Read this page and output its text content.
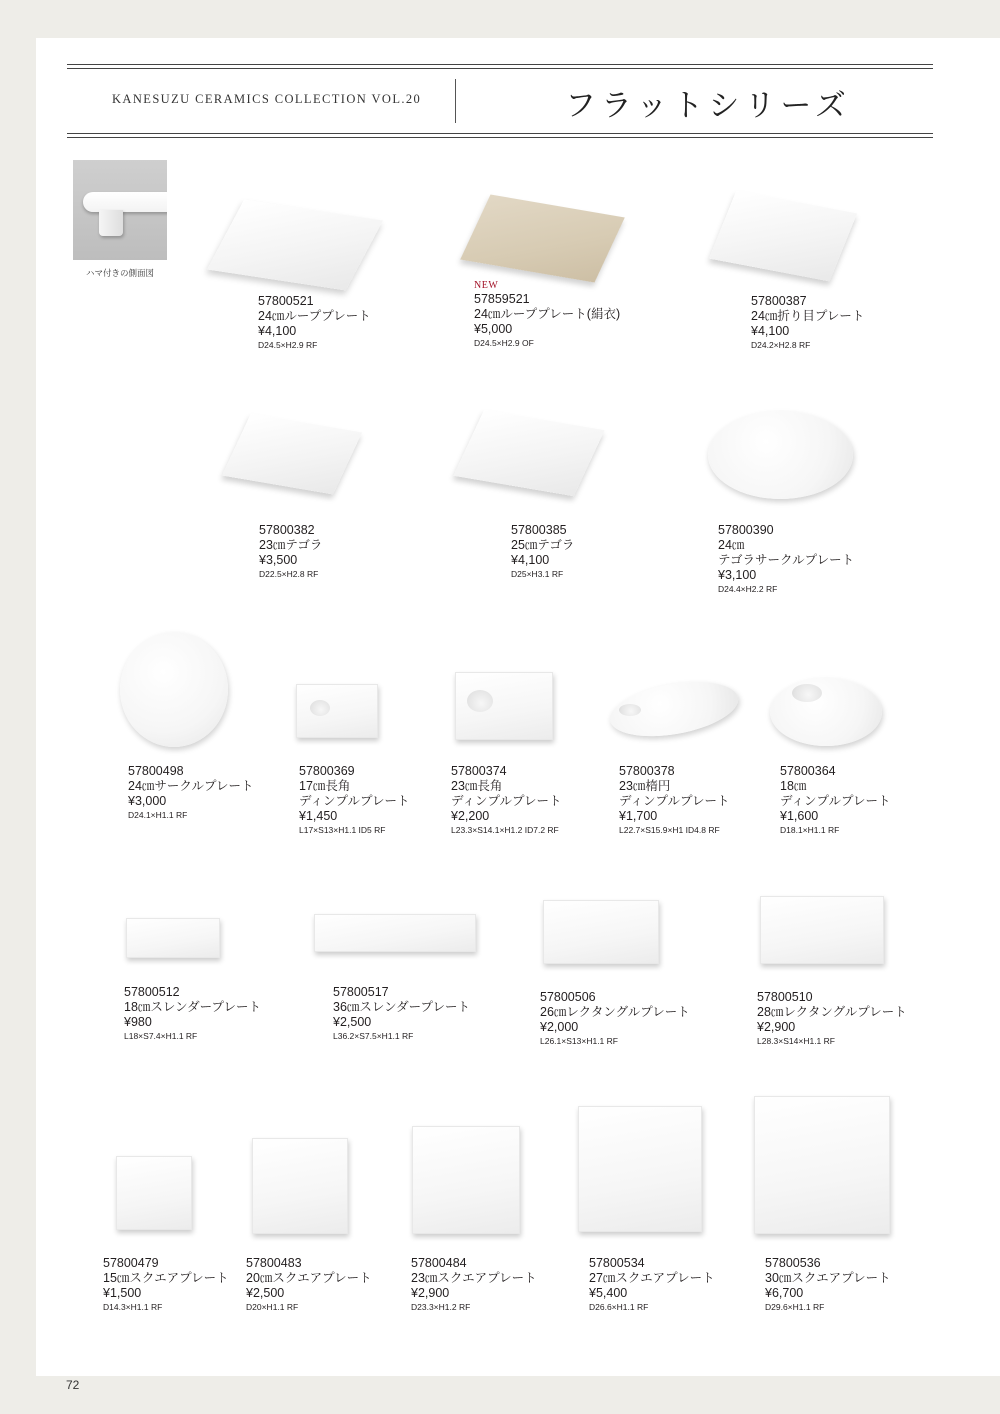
KANESUZU CERAMICS COLLECTION VOL.20	フラットシリーズ
ハマ付きの側面図
57800521
24㎝ループプレート
¥4,100
D24.5×H2.9 RF
NEW
57859521
24㎝ループプレート(絹衣)
¥5,000
D24.5×H2.9 OF
57800387
24㎝折り目プレート
¥4,100
D24.2×H2.8 RF
57800382
23㎝テゴラ
¥3,500
D22.5×H2.8 RF
57800385
25㎝テゴラ
¥4,100
D25×H3.1 RF
57800390
24㎝
テゴラサークルプレート
¥3,100
D24.4×H2.2 RF
57800498
24㎝サークルプレート
¥3,000
D24.1×H1.1 RF
57800369
17㎝長角
ディンプルプレート
¥1,450
L17×S13×H1.1 ID5 RF
57800374
23㎝長角
ディンプルプレート
¥2,200
L23.3×S14.1×H1.2 ID7.2 RF
57800378
23㎝楕円
ディンプルプレート
¥1,700
L22.7×S15.9×H1 ID4.8 RF
57800364
18㎝
ディンプルプレート
¥1,600
D18.1×H1.1 RF
57800512
18㎝スレンダープレート
¥980
L18×S7.4×H1.1 RF
57800517
36㎝スレンダープレート
¥2,500
L36.2×S7.5×H1.1 RF
57800506
26㎝レクタングルプレート
¥2,000
L26.1×S13×H1.1 RF
57800510
28㎝レクタングルプレート
¥2,900
L28.3×S14×H1.1 RF
57800479
15㎝スクエアプレート
¥1,500
D14.3×H1.1 RF
57800483
20㎝スクエアプレート
¥2,500
D20×H1.1 RF
57800484
23㎝スクエアプレート
¥2,900
D23.3×H1.2 RF
57800534
27㎝スクエアプレート
¥5,400
D26.6×H1.1 RF
57800536
30㎝スクエアプレート
¥6,700
D29.6×H1.1 RF
72
